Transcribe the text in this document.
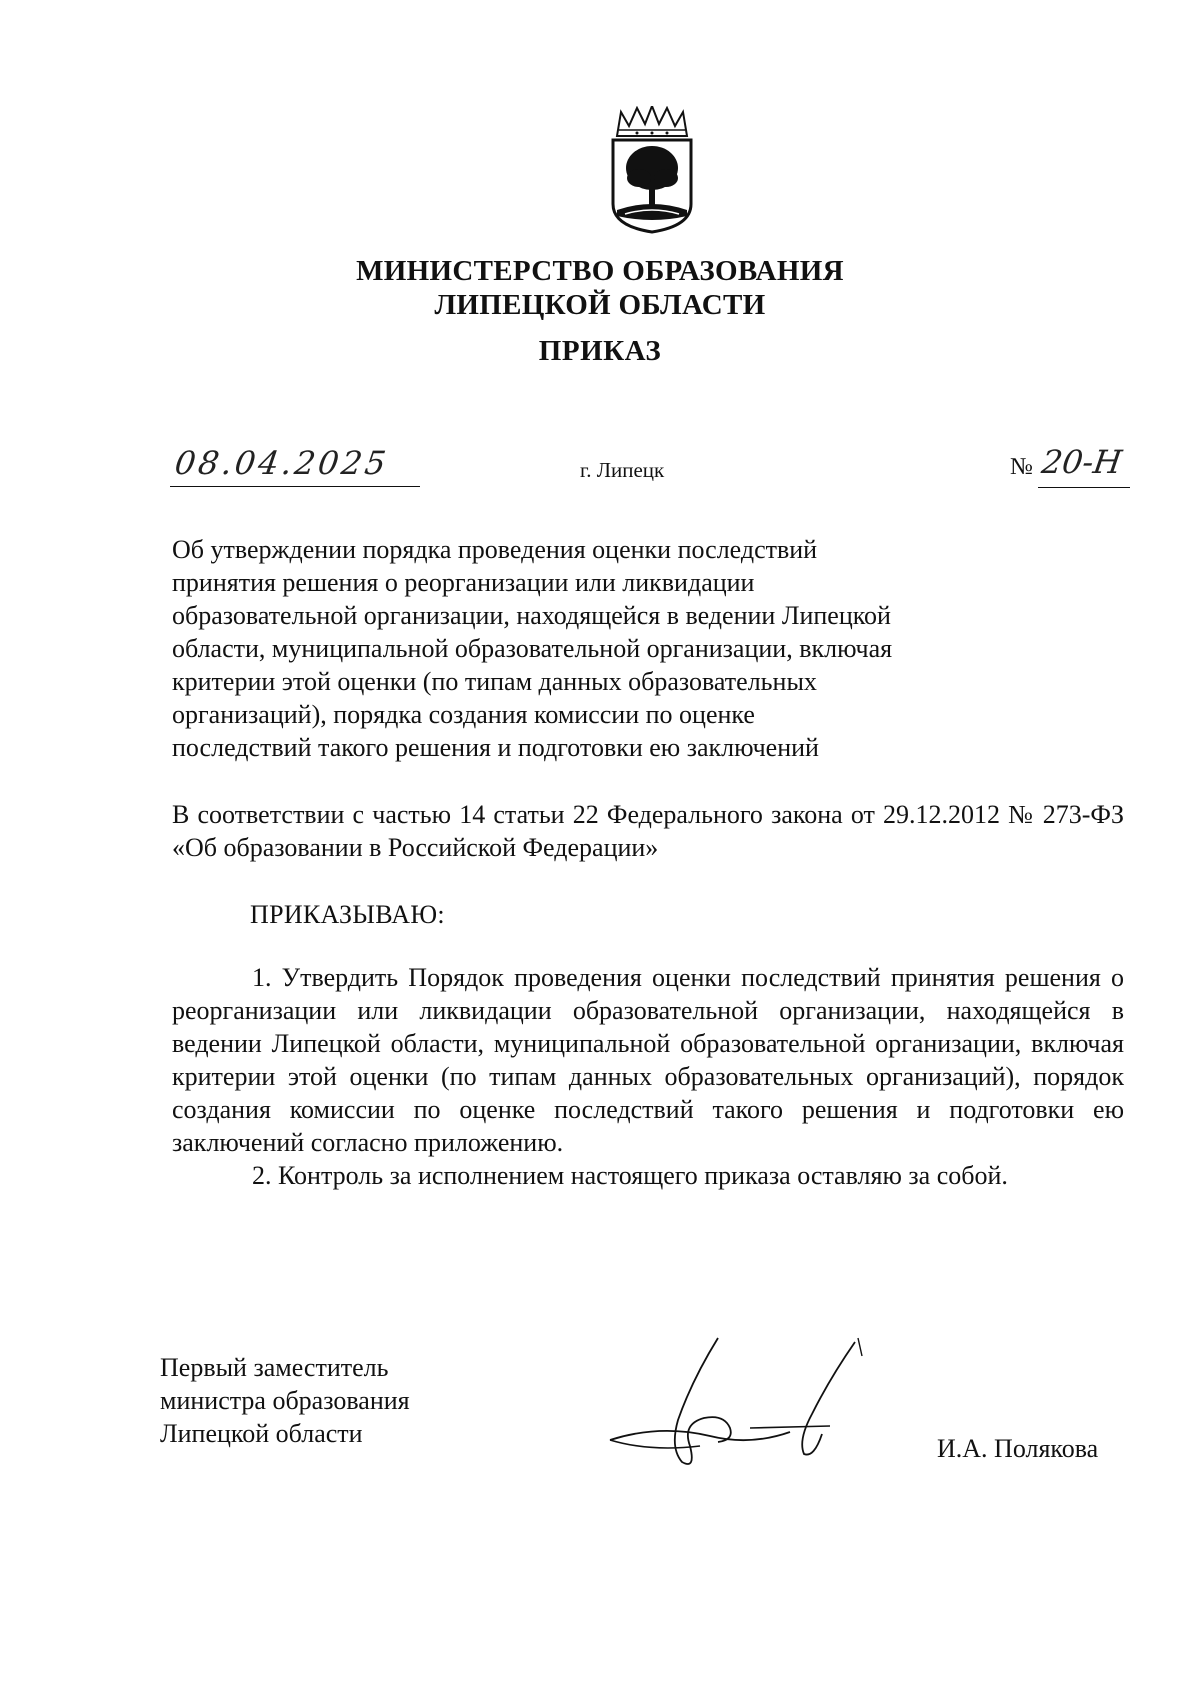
МИНИСТЕРСТВО ОБРАЗОВАНИЯ
ЛИПЕЦКОЙ ОБЛАСТИ
ПРИКАЗ
08.04.2025	г. Липецк	№ 20-Н
Об утверждении порядка проведения оценки последствий
принятия решения о реорганизации или ликвидации
образовательной организации, находящейся в ведении Липецкой
области, муниципальной образовательной организации, включая
критерии этой оценки (по типам данных образовательных
организаций), порядка создания комиссии по оценке
последствий такого решения и подготовки ею заключений
В соответствии с частью 14 статьи 22 Федерального закона от 29.12.2012 № 273-ФЗ «Об образовании в Российской Федерации»
ПРИКАЗЫВАЮ:

1. Утвердить Порядок проведения оценки последствий принятия решения о реорганизации или ликвидации образовательной организации, находящейся в ведении Липецкой области, муниципальной образовательной организации, включая критерии этой оценки (по типам данных образовательных организаций), порядок создания комиссии по оценке последствий такого решения и подготовки ею заключений согласно приложению.

2. Контроль за исполнением настоящего приказа оставляю за собой.

Первый заместитель
министра образования
Липецкой области
И.А. Полякова
